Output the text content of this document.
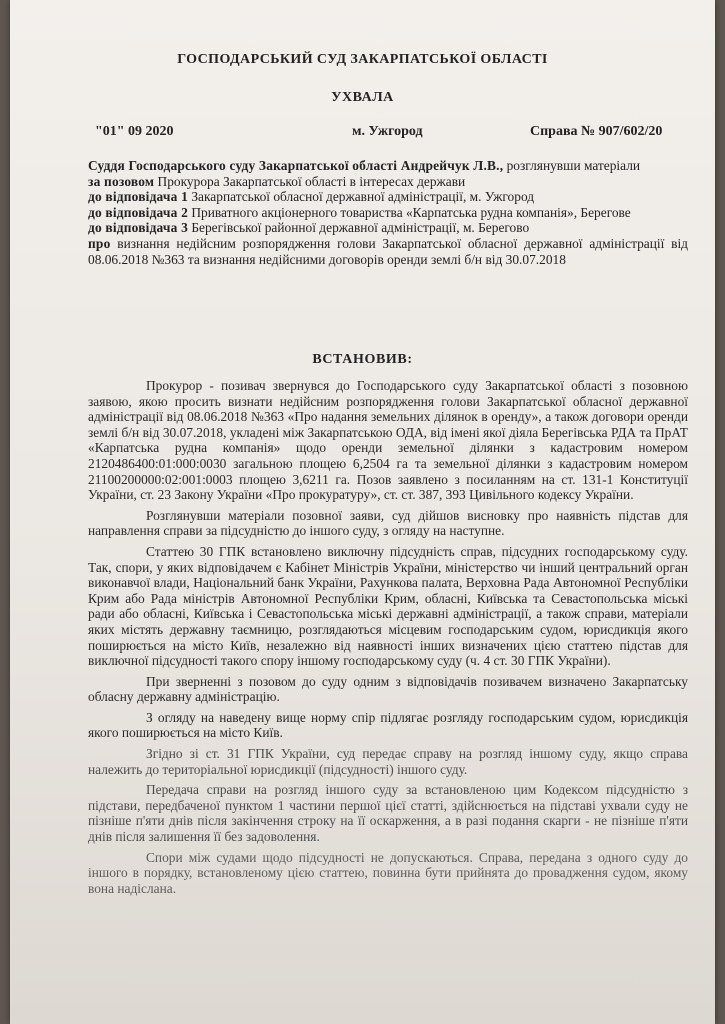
ГОСПОДАРСЬКИЙ СУД ЗАКАРПАТСЬКОЇ ОБЛАСТІ
УХВАЛА
"01" 09 2020	м. Ужгород	Справа № 907/602/20

Суддя Господарського суду Закарпатської області Андрейчук Л.В., розглянувши матеріали

за позовом Прокурора Закарпатської області в інтересах держави

до відповідача 1 Закарпатської обласної державної адміністрації, м. Ужгород

до відповідача 2 Приватного акціонерного товариства «Карпатська рудна компанія», Берегове

до відповідача 3 Берегівської районної державної адміністрації, м. Берегово

про визнання недійсним розпорядження голови Закарпатської обласної державної адміністрації від 08.06.2018 №363 та визнання недійсними договорів оренди землі б/н від 30.07.2018

ВСТАНОВИВ:

Прокурор - позивач звернувся до Господарського суду Закарпатської області з позовною заявою, якою просить визнати недійсним розпорядження голови Закарпатської обласної державної адміністрації від 08.06.2018 №363 «Про надання земельних ділянок в оренду», а також договори оренди землі б/н від 30.07.2018, укладені між Закарпатською ОДА, від імені якої діяла Берегівська РДА та ПрАТ «Карпатська рудна компанія» щодо оренди земельної ділянки з кадастровим номером 2120486400:01:000:0030 загальною площею 6,2504 га та земельної ділянки з кадастровим номером 21100200000:02:001:0003 площею 3,6211 га. Позов заявлено з посиланням на ст. 131-1 Конституції України, ст. 23 Закону України «Про прокуратуру», ст. ст. 387, 393 Цивільного кодексу України.

Розглянувши матеріали позовної заяви, суд дійшов висновку про наявність підстав для направлення справи за підсудністю до іншого суду, з огляду на наступне.

Статтею 30 ГПК встановлено виключну підсудність справ, підсудних господарському суду. Так, спори, у яких відповідачем є Кабінет Міністрів України, міністерство чи інший центральний орган виконавчої влади, Національний банк України, Рахункова палата, Верховна Рада Автономної Республіки Крим або Рада міністрів Автономної Республіки Крим, обласні, Київська та Севастопольська міські ради або обласні, Київська і Севастопольська міські державні адміністрації, а також справи, матеріали яких містять державну таємницю, розглядаються місцевим господарським судом, юрисдикція якого поширюється на місто Київ, незалежно від наявності інших визначених цією статтею підстав для виключної підсудності такого спору іншому господарському суду (ч. 4 ст. 30 ГПК України).

При зверненні з позовом до суду одним з відповідачів позивачем визначено Закарпатську обласну державну адміністрацію.

З огляду на наведену вище норму спір підлягає розгляду господарським судом, юрисдикція якого поширюється на місто Київ.

Згідно зі ст. 31 ГПК України, суд передає справу на розгляд іншому суду, якщо справа належить до територіальної юрисдикції (підсудності) іншого суду.

Передача справи на розгляд іншого суду за встановленою цим Кодексом підсудністю з підстави, передбаченої пунктом 1 частини першої цієї статті, здійснюється на підставі ухвали суду не пізніше п'яти днів після закінчення строку на її оскарження, а в разі подання скарги - не пізніше п'яти днів після залишення її без задоволення.

Спори між судами щодо підсудності не допускаються. Справа, передана з одного суду до іншого в порядку, встановленому цією статтею, повинна бути прийнята до провадження судом, якому вона надіслана.
